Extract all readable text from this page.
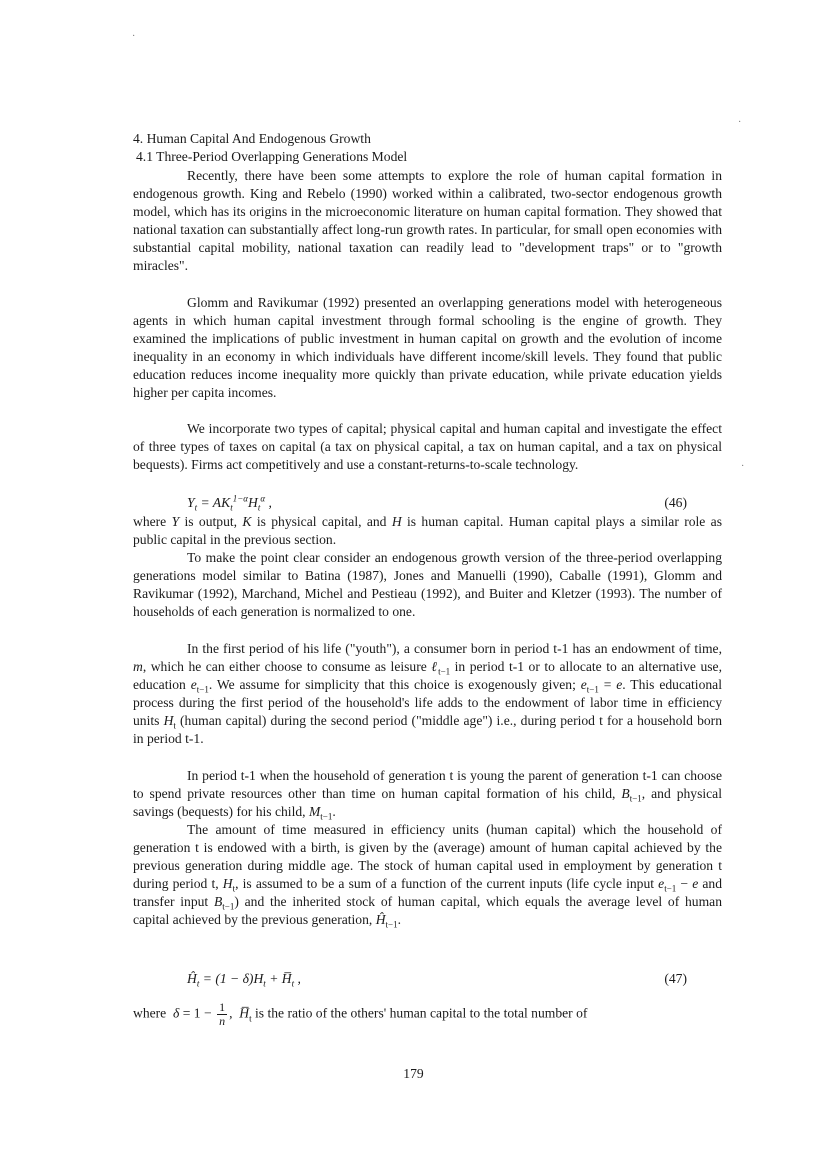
·
·
·
4. Human Capital And Endogenous Growth
4.1 Three-Period Overlapping Generations Model

Recently, there have been some attempts to explore the role of human capital formation in endogenous growth. King and Rebelo (1990) worked within a calibrated, two-sector endogenous growth model, which has its origins in the microeconomic literature on human capital formation. They showed that national taxation can substantially affect long-run growth rates. In particular, for small open economies with substantial capital mobility, national taxation can readily lead to "development traps" or to "growth miracles".

Glomm and Ravikumar (1992) presented an overlapping generations model with heterogeneous agents in which human capital investment through formal schooling is the engine of growth. They examined the implications of public investment in human capital on growth and the evolution of income inequality in an economy in which individuals have different income/skill levels. They found that public education reduces income inequality more quickly than private education, while private education yields higher per capita incomes.

We incorporate two types of capital; physical capital and human capital and investigate the effect of three types of taxes on capital (a tax on physical capital, a tax on human capital, and a tax on physical bequests). Firms act competitively and use a constant-returns-to-scale technology.

$Y_t = AK_t^{1-\alpha}H_t^\alpha$ ,	(46)

where Y is output, K is physical capital, and H is human capital. Human capital plays a similar role as public capital in the previous section.

To make the point clear consider an endogenous growth version of the three-period overlapping generations model similar to Batina (1987), Jones and Manuelli (1990), Caballe (1991), Glomm and Ravikumar (1992), Marchand, Michel and Pestieau (1992), and Buiter and Kletzer (1993). The number of households of each generation is normalized to one.

In the first period of his life ("youth"), a consumer born in period t-1 has an endowment of time, m, which he can either choose to consume as leisure ℓ$_{t-1}$ in period t-1 or to allocate to an alternative use, education $e_{t-1}$. We assume for simplicity that this choice is exogenously given; $e_{t-1} = e$. This educational process during the first period of the household's life adds to the endowment of labor time in efficiency units $H_t$ (human capital) during the second period ("middle age") i.e., during period t for a household born in period t-1.

In period t-1 when the household of generation t is young the parent of generation t-1 can choose to spend private resources other than time on human capital formation of his child, $B_{t-1}$, and physical savings (bequests) for his child, $M_{t-1}$.

The amount of time measured in efficiency units (human capital) which the household of generation t is endowed with a birth, is given by the (average) amount of human capital achieved by the previous generation during middle age. The stock of human capital used in employment by generation t during period t, $H_t$, is assumed to be a sum of a function of the current inputs (life cycle input $e_{t-1} - e$ and transfer input $B_{t-1}$) and the inherited stock of human capital, which equals the average level of human capital achieved by the previous generation, $Ĥ_{t-1}$.

$Ĥ_t = (1 - \delta)H_t$ + $H̅_t$ ,	(47)
where $\delta = 1 - \frac{1}{n}$ ,  $H̅_t$ is the ratio of the others' human capital to the total number of
179
